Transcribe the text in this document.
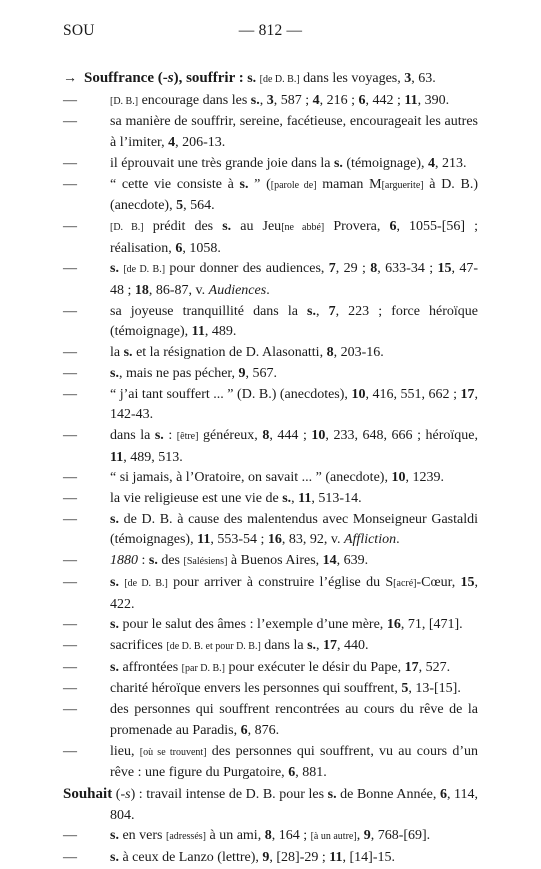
SOU	— 812 —

→ Souffrance (-s), souffrir : s. [de D. B.] dans les voyages, 3, 63.

— [D. B.] encourage dans les s., 3, 587 ; 4, 216 ; 6, 442 ; 11, 390.

— sa manière de souffrir, sereine, facétieuse, encourageait les autres à l’imiter, 4, 206-13.

— il éprouvait une très grande joie dans la s. (témoignage), 4, 213.

— “ cette vie consiste à s. ” ([parole de] maman M[arguerite] à D. B.) (anecdote), 5, 564.

— [D. B.] prédit des s. au Jeu[ne abbé] Provera, 6, 1055-[56] ; réalisation, 6, 1058.

— s. [de D. B.] pour donner des audiences, 7, 29 ; 8, 633-34 ; 15, 47-48 ; 18, 86-87, v. Audiences.

— sa joyeuse tranquillité dans la s., 7, 223 ; force héroïque (témoignage), 11, 489.

— la s. et la résignation de D. Alasonatti, 8, 203-16.

— s., mais ne pas pécher, 9, 567.

— “ j’ai tant souffert ... ” (D. B.) (anecdotes), 10, 416, 551, 662 ; 17, 142-43.

— dans la s. : [être] généreux, 8, 444 ; 10, 233, 648, 666 ; héroïque, 11, 489, 513.

— “ si jamais, à l’Oratoire, on savait ... ” (anecdote), 10, 1239.

— la vie religieuse est une vie de s., 11, 513-14.

— s. de D. B. à cause des malentendus avec Monseigneur Gastaldi (témoignages), 11, 553-54 ; 16, 83, 92, v. Affliction.

— 1880 : s. des [Salésiens] à Buenos Aires, 14, 639.

— s. [de D. B.] pour arriver à construire l’église du S[acré]-Cœur, 15, 422.

— s. pour le salut des âmes : l’exemple d’une mère, 16, 71, [471].

— sacrifices [de D. B. et pour D. B.] dans la s., 17, 440.

— s. affrontées [par D. B.] pour exécuter le désir du Pape, 17, 527.

— charité héroïque envers les personnes qui souffrent, 5, 13-[15].

— des personnes qui souffrent rencontrées au cours du rêve de la promenade au Paradis, 6, 876.

— lieu, [où se trouvent] des personnes qui souffrent, vu au cours d’un rêve : une figure du Purgatoire, 6, 881.

Souhait (-s) : travail intense de D. B. pour les s. de Bonne Année, 6, 114, 804.

— s. en vers [adressés] à un ami, 8, 164 ; [à un autre], 9, 768-[69].

— s. à ceux de Lanzo (lettre), 9, [28]-29 ; 11, [14]-15.
